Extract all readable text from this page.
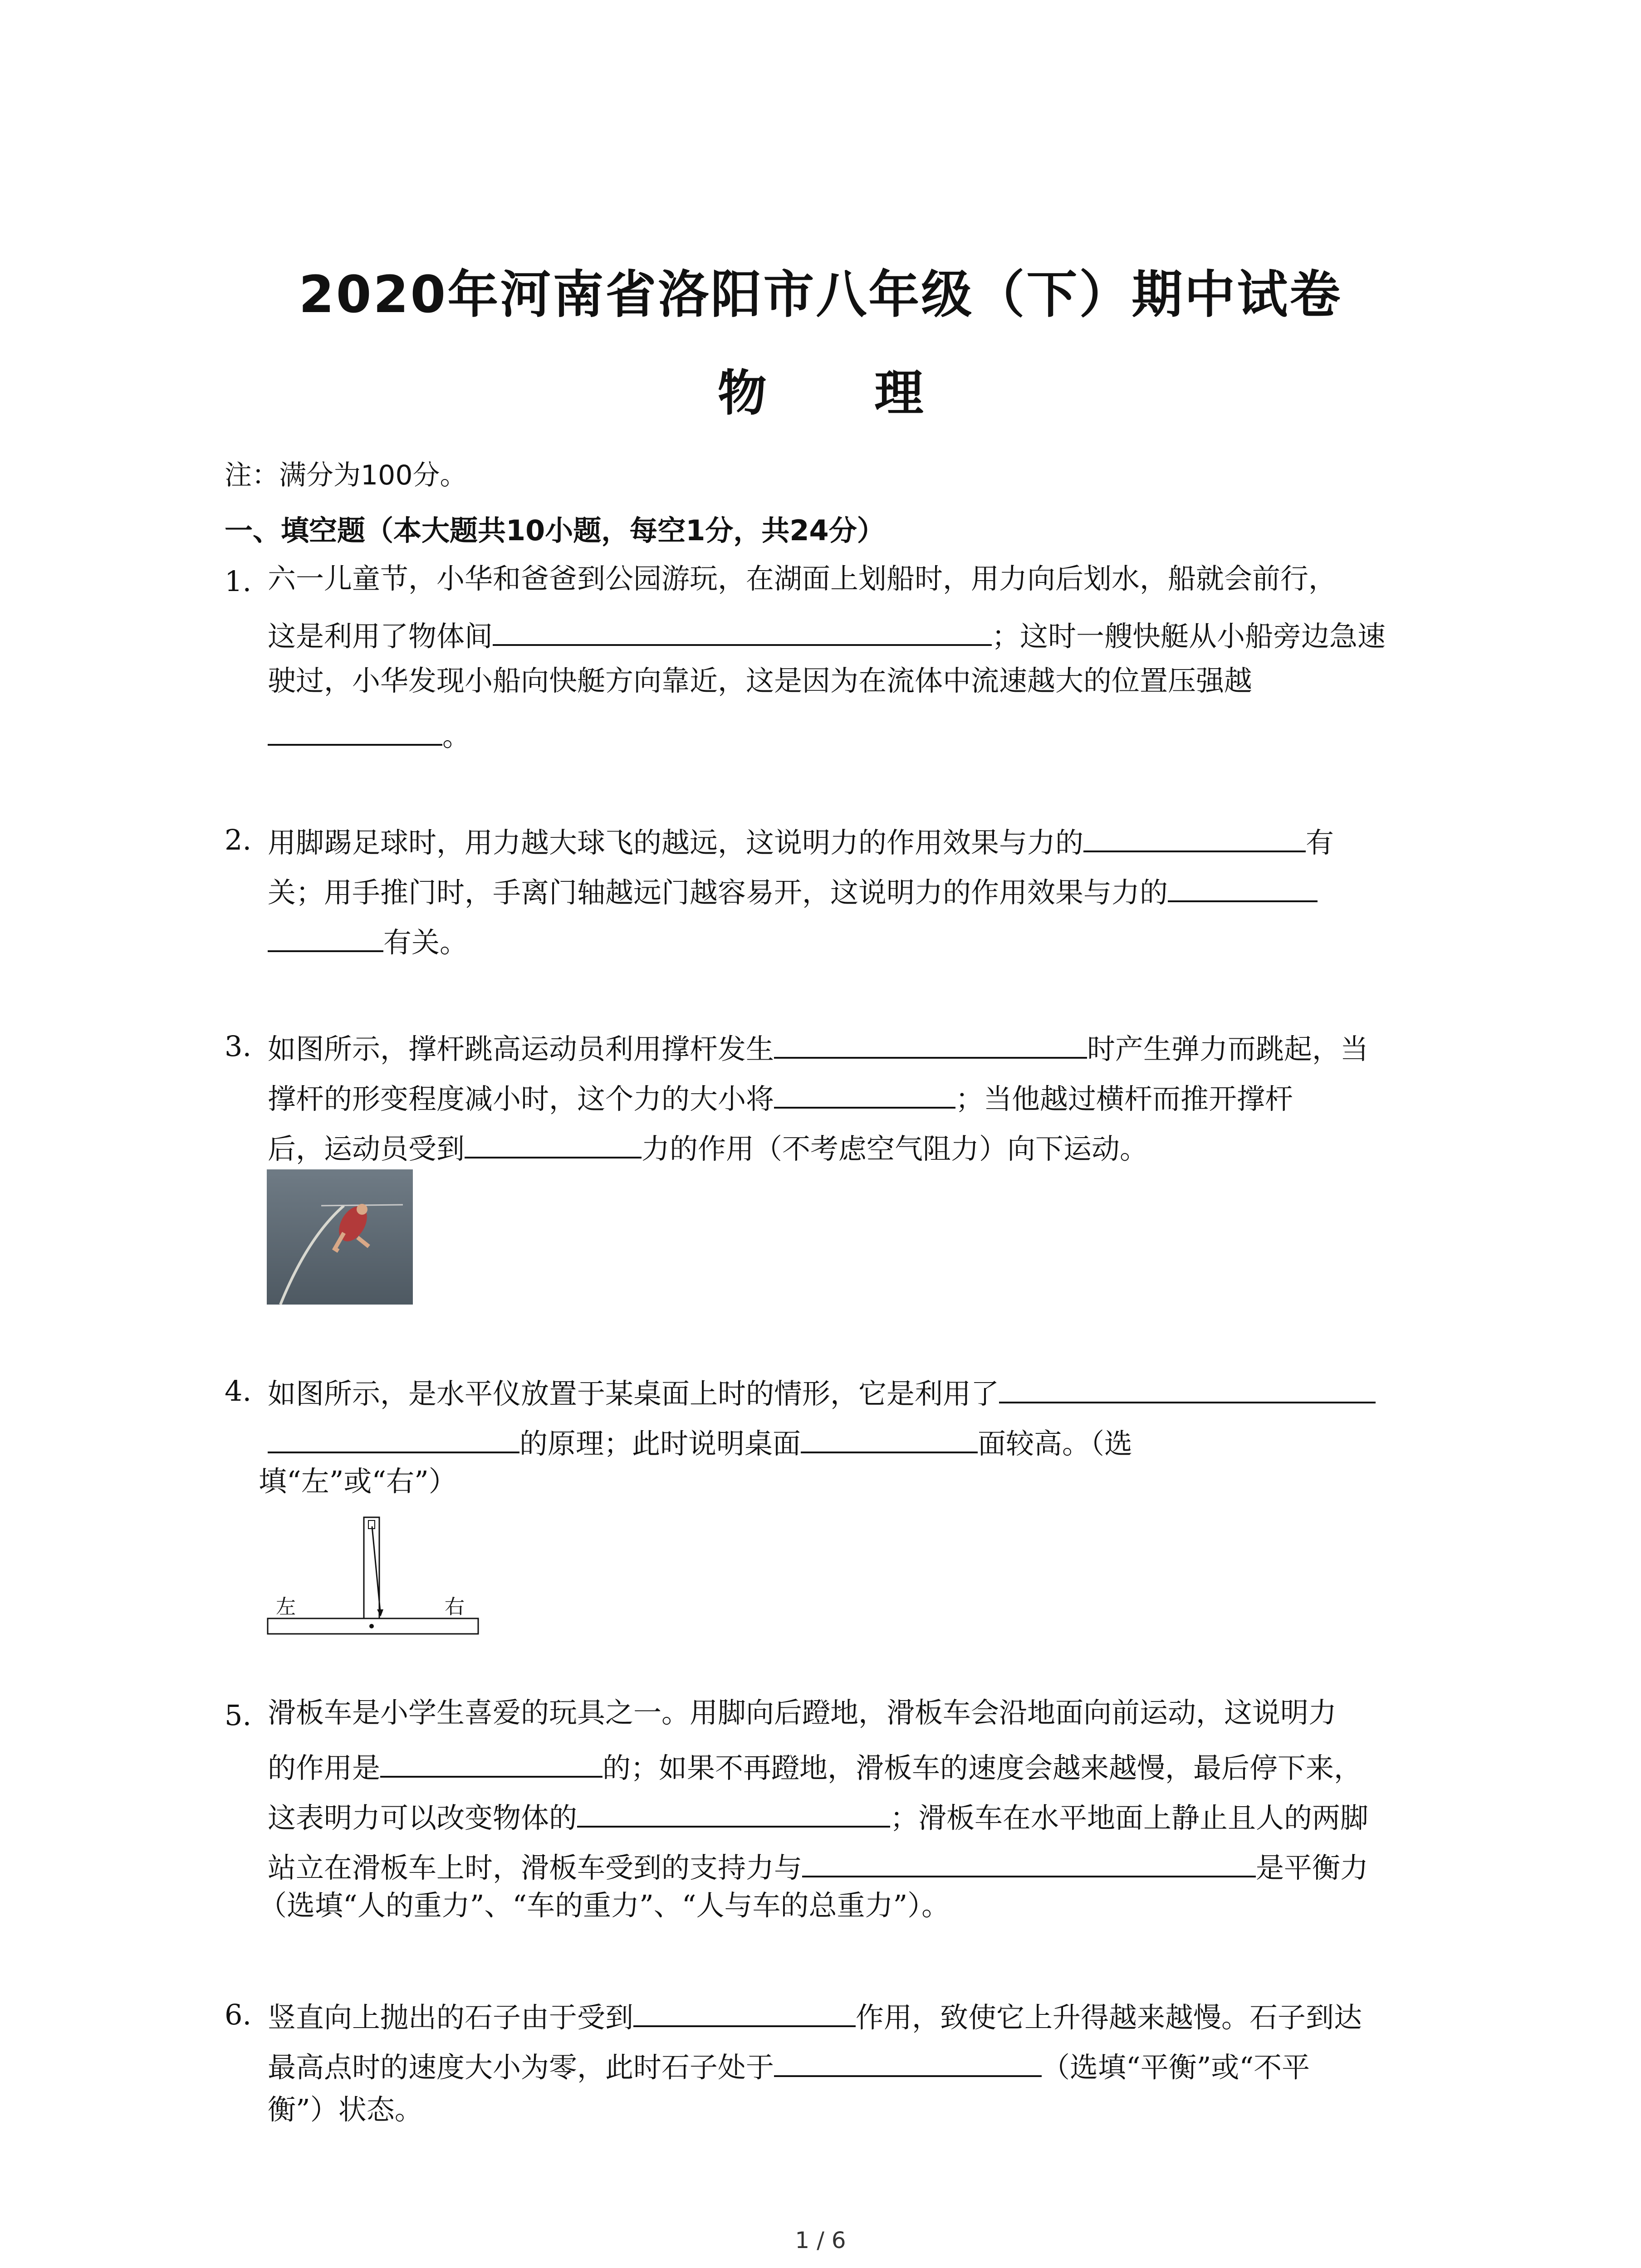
2020年河南省洛阳市八年级（下）期中试卷
物 理
注：满分为100分。
一、填空题（本大题共10小题，每空1分，共24分）
1. 六一儿童节，小华和爸爸到公园游玩，在湖面上划船时，用力向后划水，船就会前行，
这是利用了物体间	；这时一艘快艇从小船旁边急速
驶过，小华发现小船向快艇方向靠近，这是因为在流体中流速越大的位置压强越
。
2. 用脚踢足球时，用力越大球飞的越远，这说明力的作用效果与力的	有
关；用手推门时，手离门轴越远门越容易开，这说明力的作用效果与力的
有关。
3. 如图所示，撑杆跳高运动员利用撑杆发生	时产生弹力而跳起，当
撑杆的形变程度减小时，这个力的大小将	；当他越过横杆而推开撑杆
后，运动员受到	力的作用（不考虑空气阻力）向下运动。
4. 如图所示，是水平仪放置于某桌面上时的情形，它是利用了
的原理；此时说明桌面	面较高。（选
填“左”或“右”）
左	右
5. 滑板车是小学生喜爱的玩具之一。用脚向后蹬地，滑板车会沿地面向前运动，这说明力
的作用是	的；如果不再蹬地，滑板车的速度会越来越慢，最后停下来，
这表明力可以改变物体的	；滑板车在水平地面上静止且人的两脚
站立在滑板车上时，滑板车受到的支持力与	是平衡力
（选填“人的重力”、“车的重力”、“人与车的总重力”）。
6. 竖直向上抛出的石子由于受到	作用，致使它上升得越来越慢。石子到达
最高点时的速度大小为零，此时石子处于	（选填“平衡”或“不平
衡”）状态。
1 / 6
